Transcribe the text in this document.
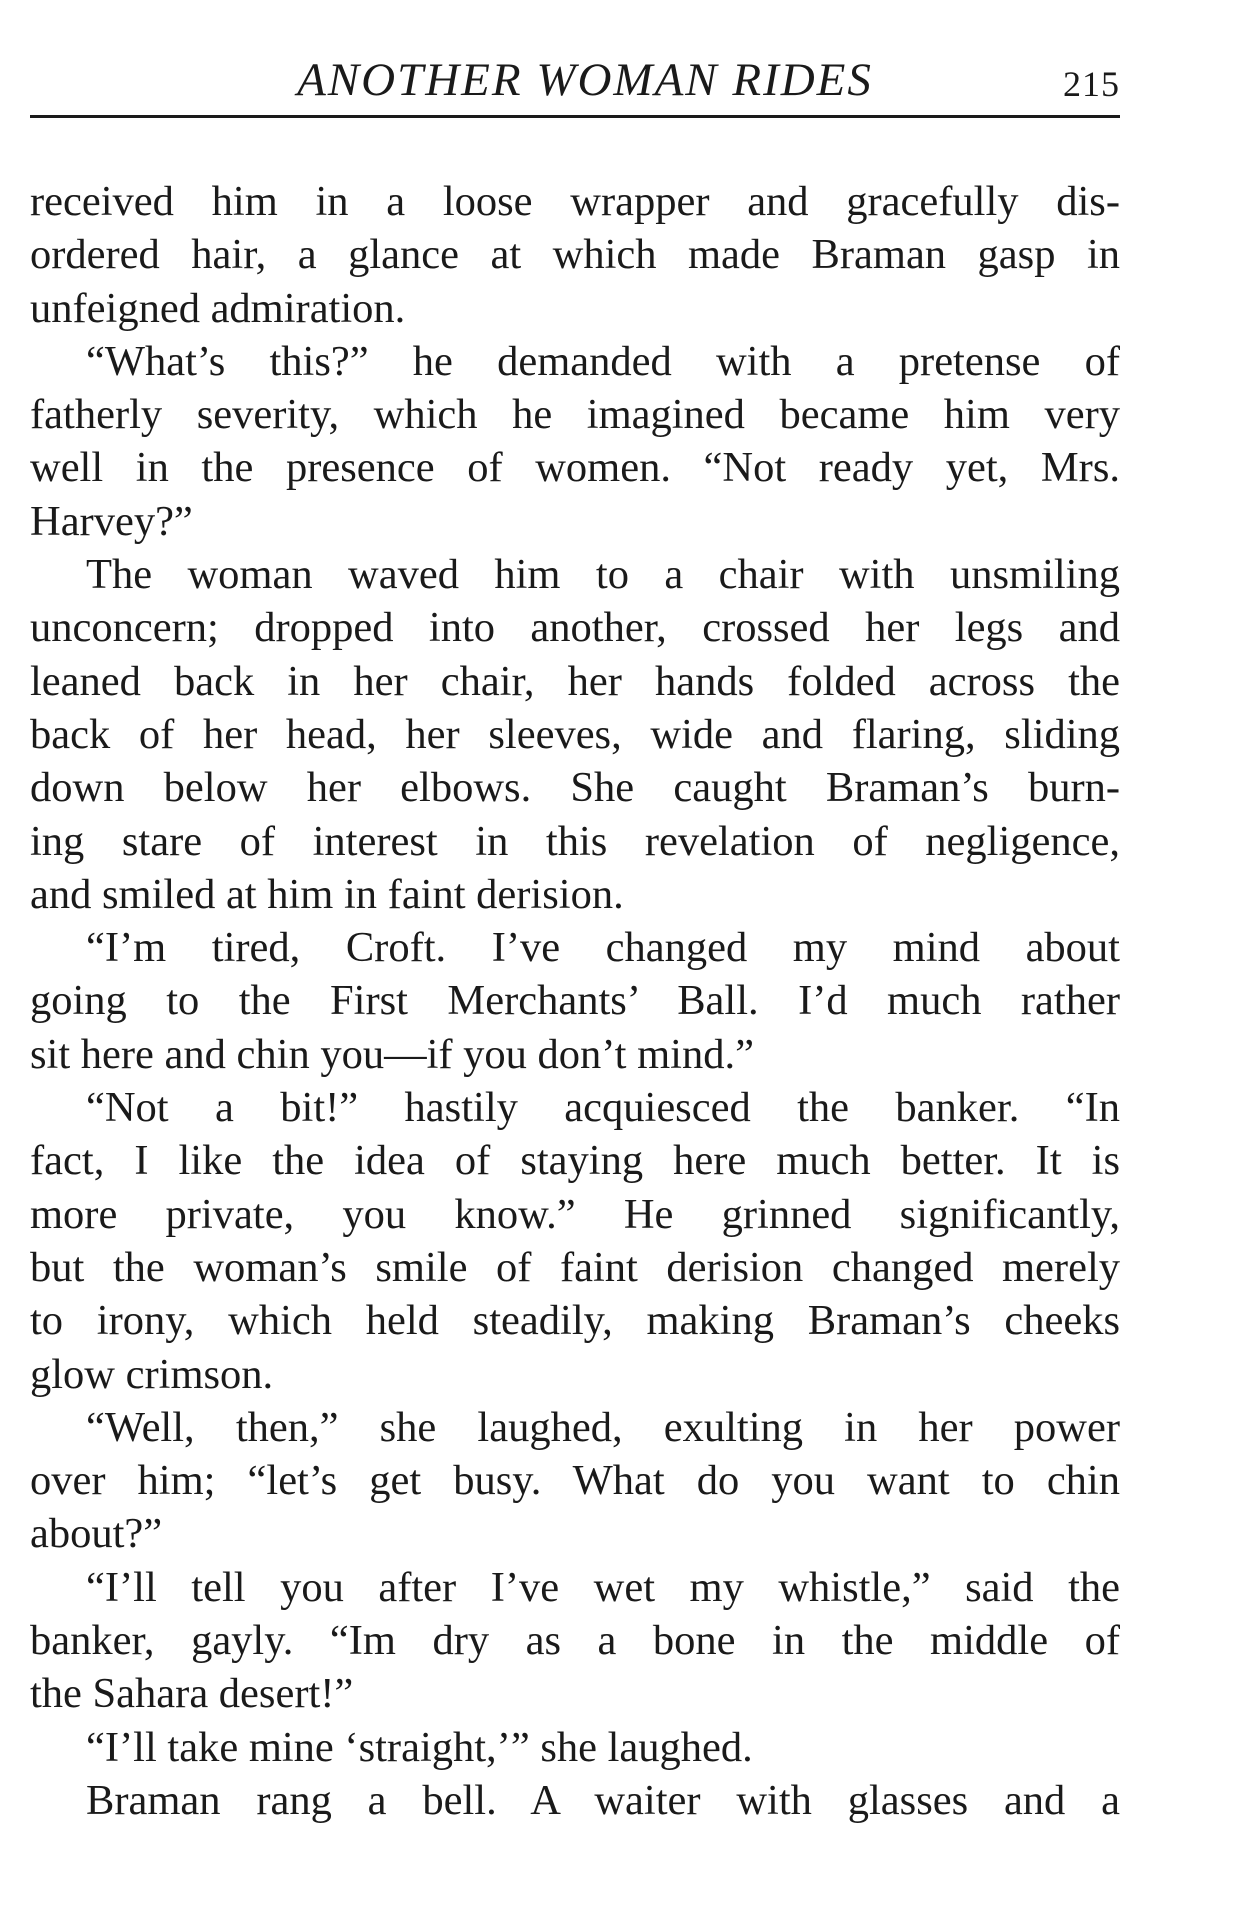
ANOTHER WOMAN RIDES	215
received him in a loose wrapper and gracefully dis-
ordered hair, a glance at which made Braman gasp in
unfeigned admiration.
“What’s this?” he demanded with a pretense of
fatherly severity, which he imagined became him very
well in the presence of women. “Not ready yet, Mrs.
Harvey?”
The woman waved him to a chair with unsmiling
unconcern; dropped into another, crossed her legs and
leaned back in her chair, her hands folded across the
back of her head, her sleeves, wide and flaring, sliding
down below her elbows. She caught Braman’s burn-
ing stare of interest in this revelation of negligence,
and smiled at him in faint derision.
“I’m tired, Croft. I’ve changed my mind about
going to the First Merchants’ Ball. I’d much rather
sit here and chin you—if you don’t mind.”
“Not a bit!” hastily acquiesced the banker. “In
fact, I like the idea of staying here much better. It is
more private, you know.” He grinned significantly,
but the woman’s smile of faint derision changed merely
to irony, which held steadily, making Braman’s cheeks
glow crimson.
“Well, then,” she laughed, exulting in her power
over him; “let’s get busy. What do you want to chin
about?”
“I’ll tell you after I’ve wet my whistle,” said the
banker, gayly. “Im dry as a bone in the middle of
the Sahara desert!”
“I’ll take mine ‘straight,’” she laughed.
Braman rang a bell. A waiter with glasses and a
